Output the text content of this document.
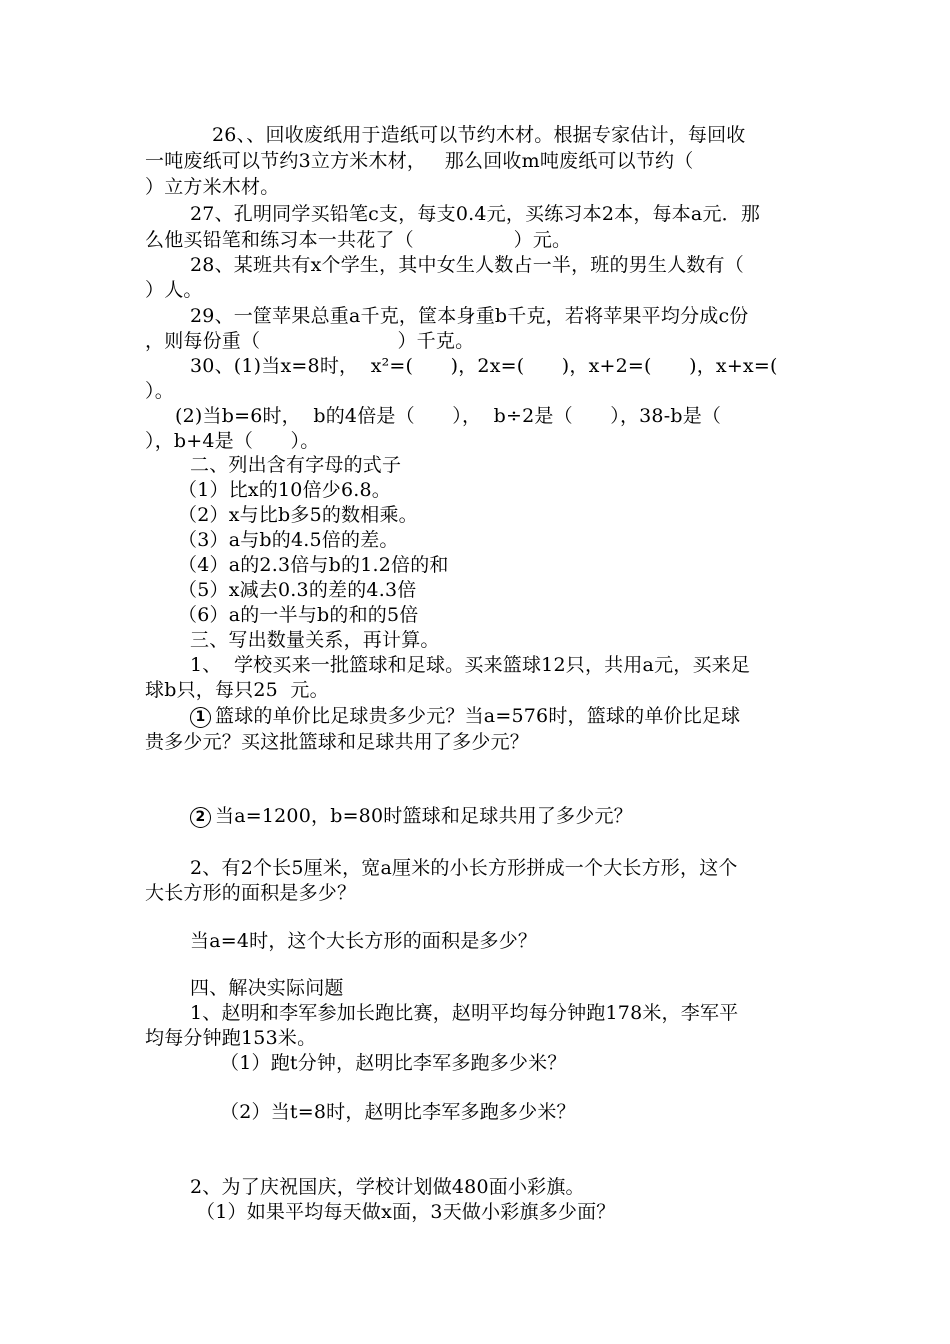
26、、回收废纸用于造纸可以节约木材。根据专家估计，每回收
一吨废纸可以节约3立方米木材，   那么回收m吨废纸可以节约（
）立方米木材。
27、孔明同学买铅笔c支，每支0.4元，买练习本2本，每本a元．那
么他买铅笔和练习本一共花了（                ）元。
28、某班共有x个学生，其中女生人数占一半，班的男生人数有（
）人。
29、一筐苹果总重a千克，筐本身重b千克，若将苹果平均分成c份
，则每份重（                      ）千克。
30、(1)当x=8时，  x²=(      )，2x=(      )，x+2=(      )，x+x=(
）。
(2)当b=6时，  b的4倍是（      ），  b÷2是（      ），38-b是（
），b+4是（      ）。
二、列出含有字母的式子
（1）比x的10倍少6.8。
（2）x与比b多5的数相乘。
（3）a与b的4.5倍的差。
（4）a的2.3倍与b的1.2倍的和
（5）x减去0.3的差的4.3倍
（6）a的一半与b的和的5倍
三、写出数量关系，再计算。
1、  学校买来一批篮球和足球。买来篮球12只，共用a元，买来足
球b只，每只25  元。
1 篮球的单价比足球贵多少元？当a=576时，篮球的单价比足球
贵多少元？买这批篮球和足球共用了多少元？
2 当a=1200，b=80时篮球和足球共用了多少元？
2、有2个长5厘米，宽a厘米的小长方形拼成一个大长方形，这个
大长方形的面积是多少？
当a=4时，这个大长方形的面积是多少？
四、解决实际问题
1、赵明和李军参加长跑比赛，赵明平均每分钟跑178米，李军平
均每分钟跑153米。
（1）跑t分钟，赵明比李军多跑多少米？
（2）当t=8时，赵明比李军多跑多少米？
2、为了庆祝国庆，学校计划做480面小彩旗。
（1）如果平均每天做x面，3天做小彩旗多少面？
